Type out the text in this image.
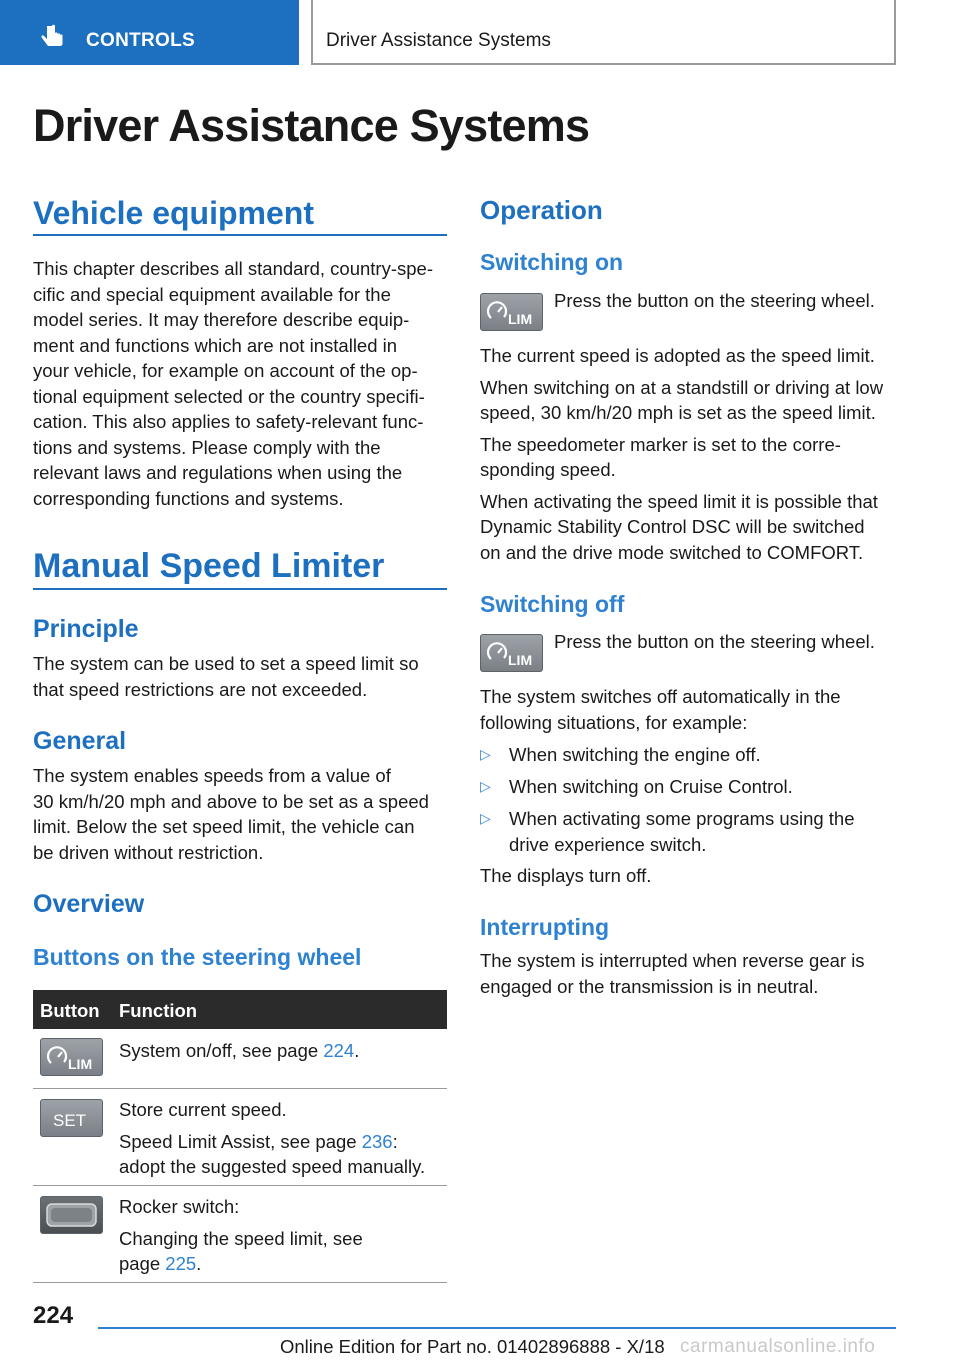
CONTROLS	Driver Assistance Systems
Driver Assistance Systems
Vehicle equipment
This chapter describes all standard, country‑spe‑
cific and special equipment available for the
model series. It may therefore describe equip‑
ment and functions which are not installed in
your vehicle, for example on account of the op‑
tional equipment selected or the country specifi‑
cation. This also applies to safety‑relevant func‑
tions and systems. Please comply with the
relevant laws and regulations when using the
corresponding functions and systems.
Manual Speed Limiter
Principle
The system can be used to set a speed limit so
that speed restrictions are not exceeded.
General
The system enables speeds from a value of
30 km/h/20 mph and above to be set as a speed
limit. Below the set speed limit, the vehicle can
be driven without restriction.
Overview
Buttons on the steering wheel
Button Function
LIM
System on/off, see page 224.
SET
Store current speed.
Speed Limit Assist, see page 236:
adopt the suggested speed manually.
Rocker switch:
Changing the speed limit, see
page 225.
Operation
Switching on
LIM
Press the button on the steering wheel.
The current speed is adopted as the speed limit.
When switching on at a standstill or driving at low
speed, 30 km/h/20 mph is set as the speed limit.
The speedometer marker is set to the corre‑
sponding speed.
When activating the speed limit it is possible that
Dynamic Stability Control DSC will be switched
on and the drive mode switched to COMFORT.
Switching off
LIM
Press the button on the steering wheel.
The system switches off automatically in the
following situations, for example:
▷ When switching the engine off.
▷ When switching on Cruise Control.
▷ When activating some programs using the
drive experience switch.
The displays turn off.
Interrupting
The system is interrupted when reverse gear is
engaged or the transmission is in neutral.
224
Online Edition for Part no. 01402896888 - X/18 carmanualsonline.info
